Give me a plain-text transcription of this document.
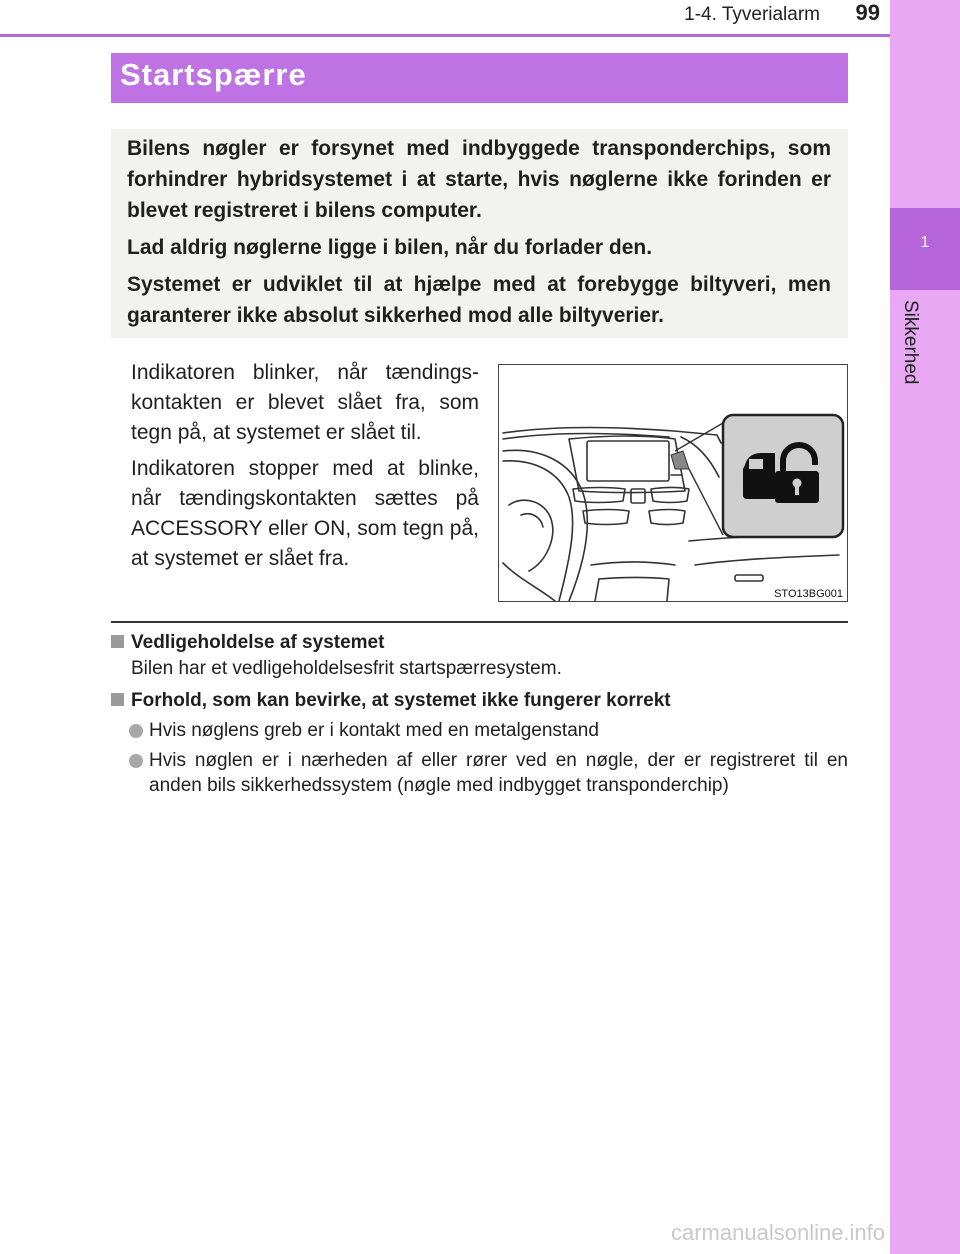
1-4. Tyverialarm	99
1
Sikkerhed
Startspærre

Bilens nøgler er forsynet med indbyggede transponderchips, som forhindrer hybridsystemet i at starte, hvis nøglerne ikke forinden er blevet registreret i bilens computer.

Lad aldrig nøglerne ligge i bilen, når du forlader den.

Systemet er udviklet til at hjælpe med at forebygge biltyveri, men garanterer ikke absolut sikkerhed mod alle biltyverier.

Indikatoren blinker, når tændings-kontakten er blevet slået fra, som tegn på, at systemet er slået til.

Indikatoren stopper med at blinke, når tændingskontakten sættes på ACCESSORY eller ON, som tegn på, at systemet er slået fra.

STO13BG001
Vedligeholdelse af systemet
Bilen har et vedligeholdelsesfrit startspærresystem.
Forhold, som kan bevirke, at systemet ikke fungerer korrekt
Hvis nøglens greb er i kontakt med en metalgenstand
Hvis nøglen er i nærheden af eller rører ved en nøgle, der er registreret til en anden bils sikkerhedssystem (nøgle med indbygget transponderchip)
carmanualsonline.info
